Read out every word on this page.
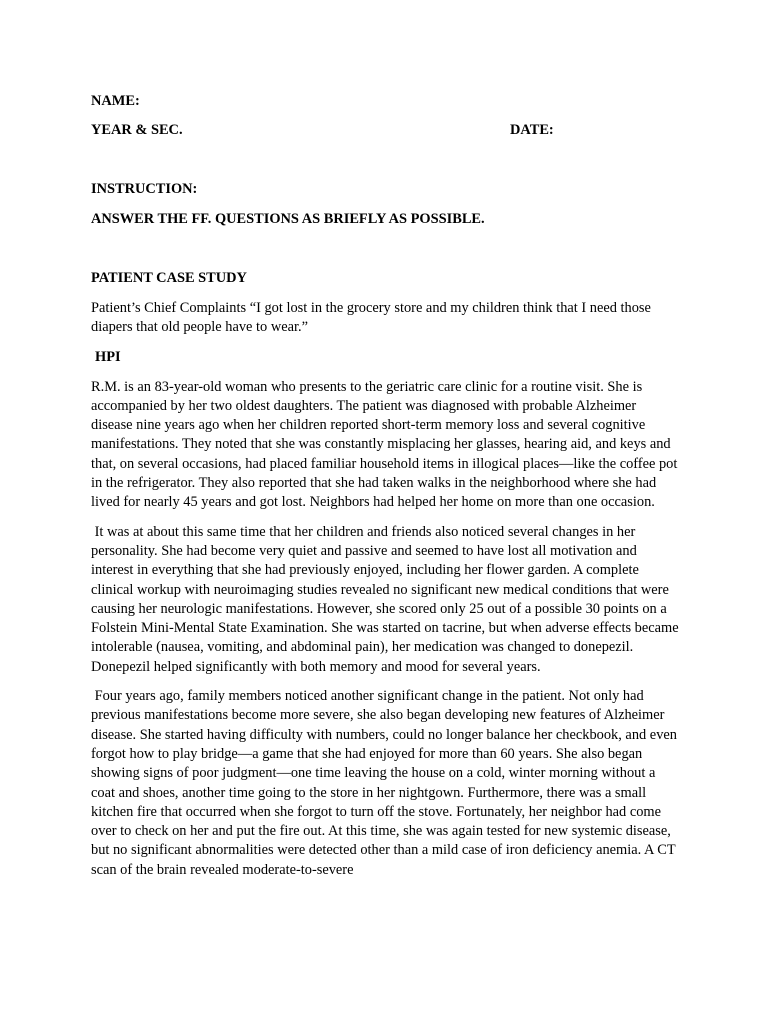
NAME:
YEAR & SEC.	DATE:
INSTRUCTION:
ANSWER THE FF. QUESTIONS AS BRIEFLY AS POSSIBLE.
PATIENT CASE STUDY

Patient’s Chief Complaints “I got lost in the grocery store and my children think that I need those diapers that old people have to wear.”

HPI

R.M. is an 83-year-old woman who presents to the geriatric care clinic for a routine visit. She is accompanied by her two oldest daughters. The patient was diagnosed with probable Alzheimer disease nine years ago when her children reported short-term memory loss and several cognitive manifestations. They noted that she was constantly misplacing her glasses, hearing aid, and keys and that, on several occasions, had placed familiar household items in illogical places—like the coffee pot in the refrigerator. They also reported that she had taken walks in the neighborhood where she had lived for nearly 45 years and got lost. Neighbors had helped her home on more than one occasion.

It was at about this same time that her children and friends also noticed several changes in her personality. She had become very quiet and passive and seemed to have lost all motivation and interest in everything that she had previously enjoyed, including her flower garden. A complete clinical workup with neuroimaging studies revealed no significant new medical conditions that were causing her neurologic manifestations. However, she scored only 25 out of a possible 30 points on a Folstein Mini-Mental State Examination. She was started on tacrine, but when adverse effects became intolerable (nausea, vomiting, and abdominal pain), her medication was changed to donepezil. Donepezil helped significantly with both memory and mood for several years.

Four years ago, family members noticed another significant change in the patient. Not only had previous manifestations become more severe, she also began developing new features of Alzheimer disease. She started having difficulty with numbers, could no longer balance her checkbook, and even forgot how to play bridge—a game that she had enjoyed for more than 60 years. She also began showing signs of poor judgment—one time leaving the house on a cold, winter morning without a coat and shoes, another time going to the store in her nightgown. Furthermore, there was a small kitchen fire that occurred when she forgot to turn off the stove. Fortunately, her neighbor had come over to check on her and put the fire out. At this time, she was again tested for new systemic disease, but no significant abnormalities were detected other than a mild case of iron deficiency anemia. A CT scan of the brain revealed moderate-to-severe
